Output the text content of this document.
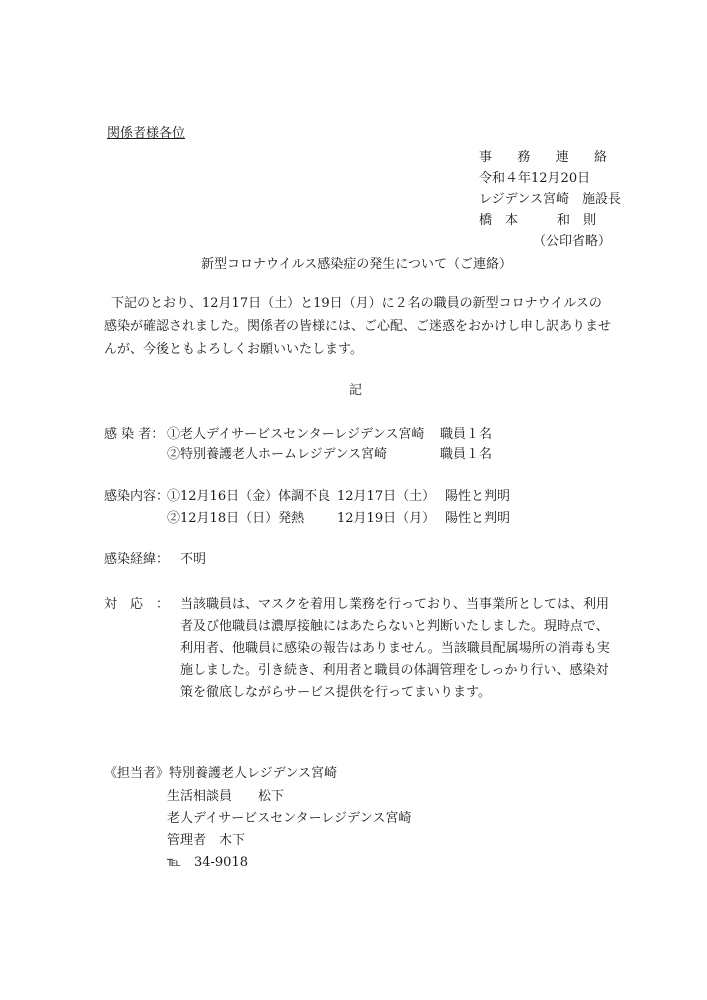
関係者様各位
事　務　連　絡
令和４年12月20日
レジデンス宮崎　施設長
橋　本　　　和　則
（公印省略）
新型コロナウイルス感染症の発生について（ご連絡）
下記のとおり、12月17日（土）と19日（月）に２名の職員の新型コロナウイルスの
感染が確認されました。関係者の皆様には、ご心配、ご迷惑をおかけし申し訳ありませ
んが、今後ともよろしくお願いいたします。
記
感 染 者： ①老人デイサービスセンターレジデンス宮崎 職員１名
②特別養護老人ホームレジデンス宮崎	職員１名
感染内容：
①12月16日（金）体調不良 12月17日（土） 陽性と判明
②12月18日（日）発熱	12月19日（月） 陽性と判明
感染経緯： 不明
対　応　： 当該職員は、マスクを着用し業務を行っており、当事業所としては、利用
者及び他職員は濃厚接触にはあたらないと判断いたしました。現時点で、
利用者、他職員に感染の報告はありません。当該職員配属場所の消毒も実
施しました。引き続き、利用者と職員の体調管理をしっかり行い、感染対
策を徹底しながらサービス提供を行ってまいります。
《担当者》特別養護老人レジデンス宮崎
生活相談員　　松下
老人デイサービスセンターレジデンス宮崎
管理者　木下
℡　34-9018
